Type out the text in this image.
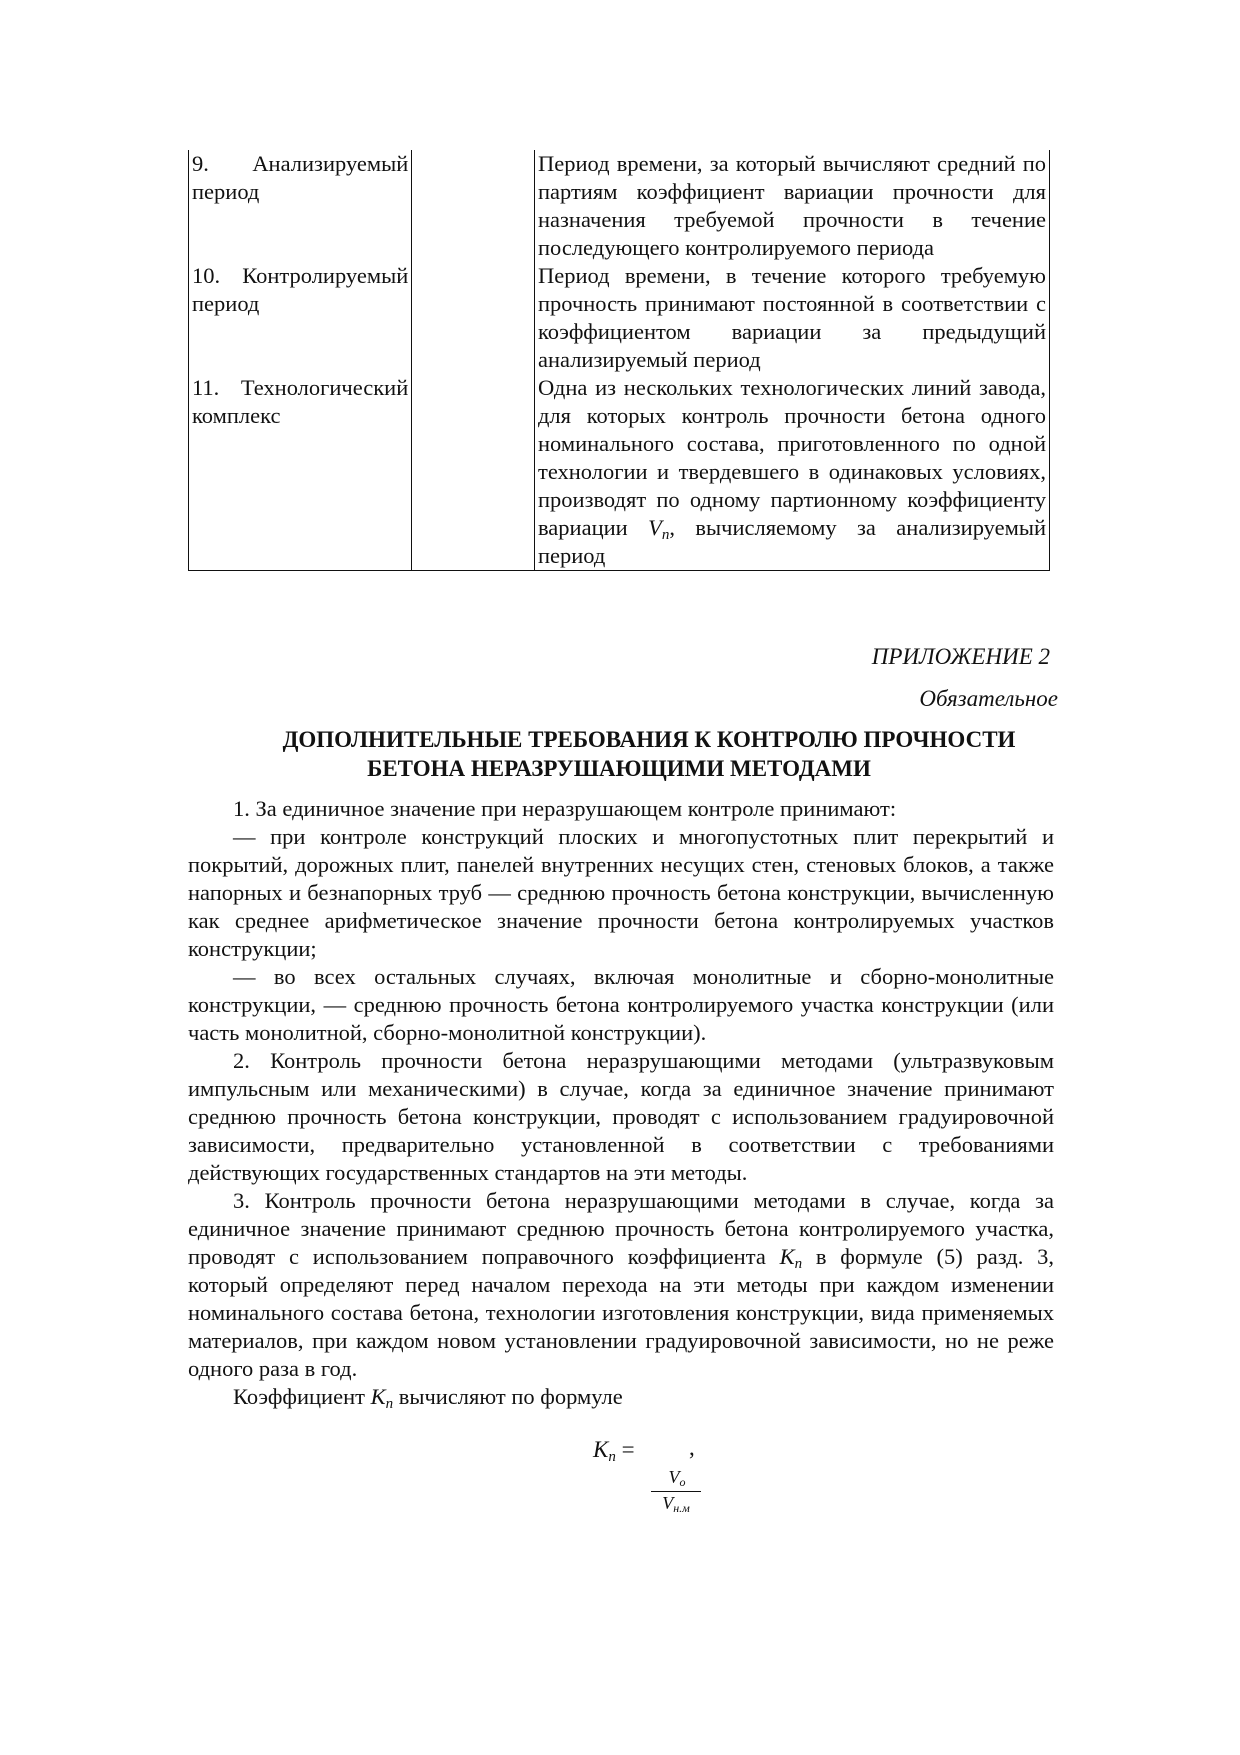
9. Анализируемый период		Период времени, за который вычисляют средний по партиям коэффициент вариации прочности для назначения требуемой прочности в течение последующего контролируемого периода

10. Контролируемый период		Период времени, в течение которого требуемую прочность принимают постоянной в соответствии с коэффициентом вариации за предыдущий анализируемый период

11. Технологический комплекс		Одна из нескольких технологических линий завода, для которых контроль прочности бетона одного номинального состава, приготовленного по одной технологии и твердевшего в одинаковых условиях, производят по одному партионному коэффициенту вариации $V_n$, вычисляемому за анализируемый период
ПРИЛОЖЕНИЕ 2
Обязательное
ДОПОЛНИТЕЛЬНЫЕ ТРЕБОВАНИЯ К КОНТРОЛЮ ПРОЧНОСТИ
БЕТОНА НЕРАЗРУШАЮЩИМИ МЕТОДАМИ

1. За единичное значение при неразрушающем контроле принимают:

— при контроле конструкций плоских и многопустотных плит перекрытий и покрытий, дорожных плит, панелей внутренних несущих стен, стеновых блоков, а также напорных и безнапорных труб — среднюю прочность бетона конструкции, вычисленную как среднее арифметическое значение прочности бетона контролируемых участков конструкции;

— во всех остальных случаях, включая монолитные и сборно-монолитные конструкции, — среднюю прочность бетона контролируемого участка конструкции (или часть монолитной, сборно-монолитной конструкции).

2. Контроль прочности бетона неразрушающими методами (ультразвуковым импульсным или механическими) в случае, когда за единичное значение принимают среднюю прочность бетона конструкции, проводят с использованием градуировочной зависимости, предварительно установленной в соответствии с требованиями действующих государственных стандартов на эти методы.

3. Контроль прочности бетона неразрушающими методами в случае, когда за единичное значение принимают среднюю прочность бетона контролируемого участка, проводят с использованием поправочного коэффициента $K_n$ в формуле (5) разд. 3, который определяют перед началом перехода на эти методы при каждом изменении номинального состава бетона, технологии изготовления конструкции, вида применяемых материалов, при каждом новом установлении градуировочной зависимости, но не реже одного раза в год.

Коэффициент $K_n$ вычисляют по формуле

$K_n$ = ,
Vo
Vн.м
